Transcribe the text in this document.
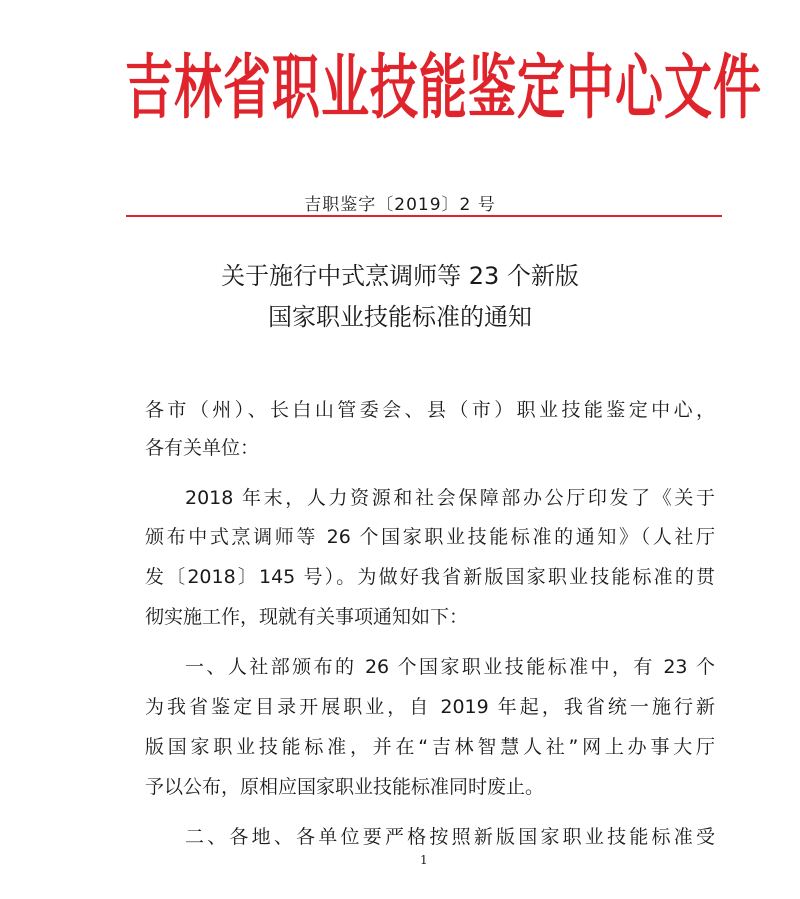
吉林省职业技能鉴定中心文件
吉职鉴字〔2019〕2 号
关于施行中式烹调师等 23 个新版
国家职业技能标准的通知
各市（州）、长白山管委会、县（市）职业技能鉴定中心，
各有关单位：
2018 年末，人力资源和社会保障部办公厅印发了《关于
颁布中式烹调师等 26 个国家职业技能标准的通知》（人社厅
发〔2018〕145 号）。为做好我省新版国家职业技能标准的贯
彻实施工作，现就有关事项通知如下：
一、人社部颁布的 26 个国家职业技能标准中，有 23 个
为我省鉴定目录开展职业，自 2019 年起，我省统一施行新
版国家职业技能标准，并在“吉林智慧人社”网上办事大厅
予以公布，原相应国家职业技能标准同时废止。
二、各地、各单位要严格按照新版国家职业技能标准受
1
